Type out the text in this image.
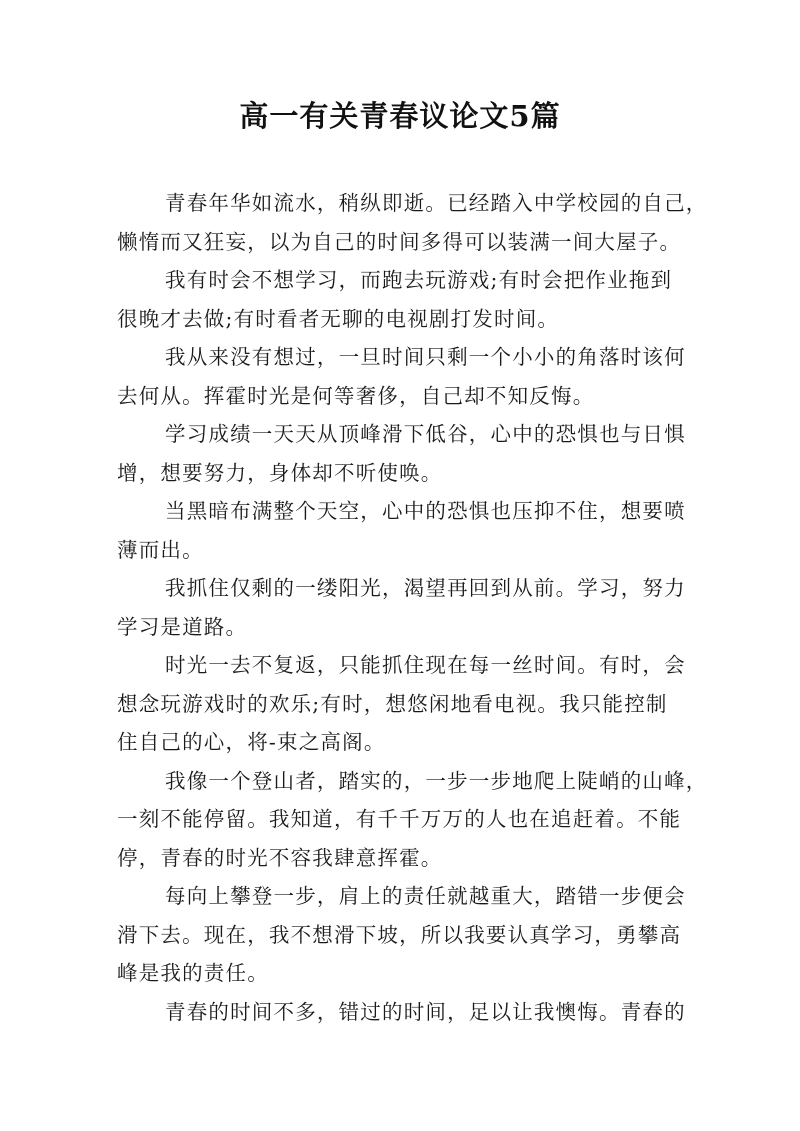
高一有关青春议论文5篇

青春年华如流水，稍纵即逝。已经踏入中学校园的自己，
懒惰而又狂妄，以为自己的时间多得可以装满一间大屋子。

我有时会不想学习，而跑去玩游戏;有时会把作业拖到
很晚才去做;有时看者无聊的电视剧打发时间。

我从来没有想过，一旦时间只剩一个小小的角落时该何
去何从。挥霍时光是何等奢侈，自己却不知反悔。

学习成绩一天天从顶峰滑下低谷，心中的恐惧也与日惧
增，想要努力，身体却不听使唤。

当黑暗布满整个天空，心中的恐惧也压抑不住，想要喷
薄而出。

我抓住仅剩的一缕阳光，渴望再回到从前。学习，努力
学习是道路。

时光一去不复返，只能抓住现在每一丝时间。有时，会
想念玩游戏时的欢乐;有时，想悠闲地看电视。我只能控制
住自己的心，将-束之高阁。

我像一个登山者，踏实的，一步一步地爬上陡峭的山峰，
一刻不能停留。我知道，有千千万万的人也在追赶着。不能
停，青春的时光不容我肆意挥霍。

每向上攀登一步，肩上的责任就越重大，踏错一步便会
滑下去。现在，我不想滑下坡，所以我要认真学习，勇攀高
峰是我的责任。

青春的时间不多，错过的时间，足以让我懊悔。青春的
